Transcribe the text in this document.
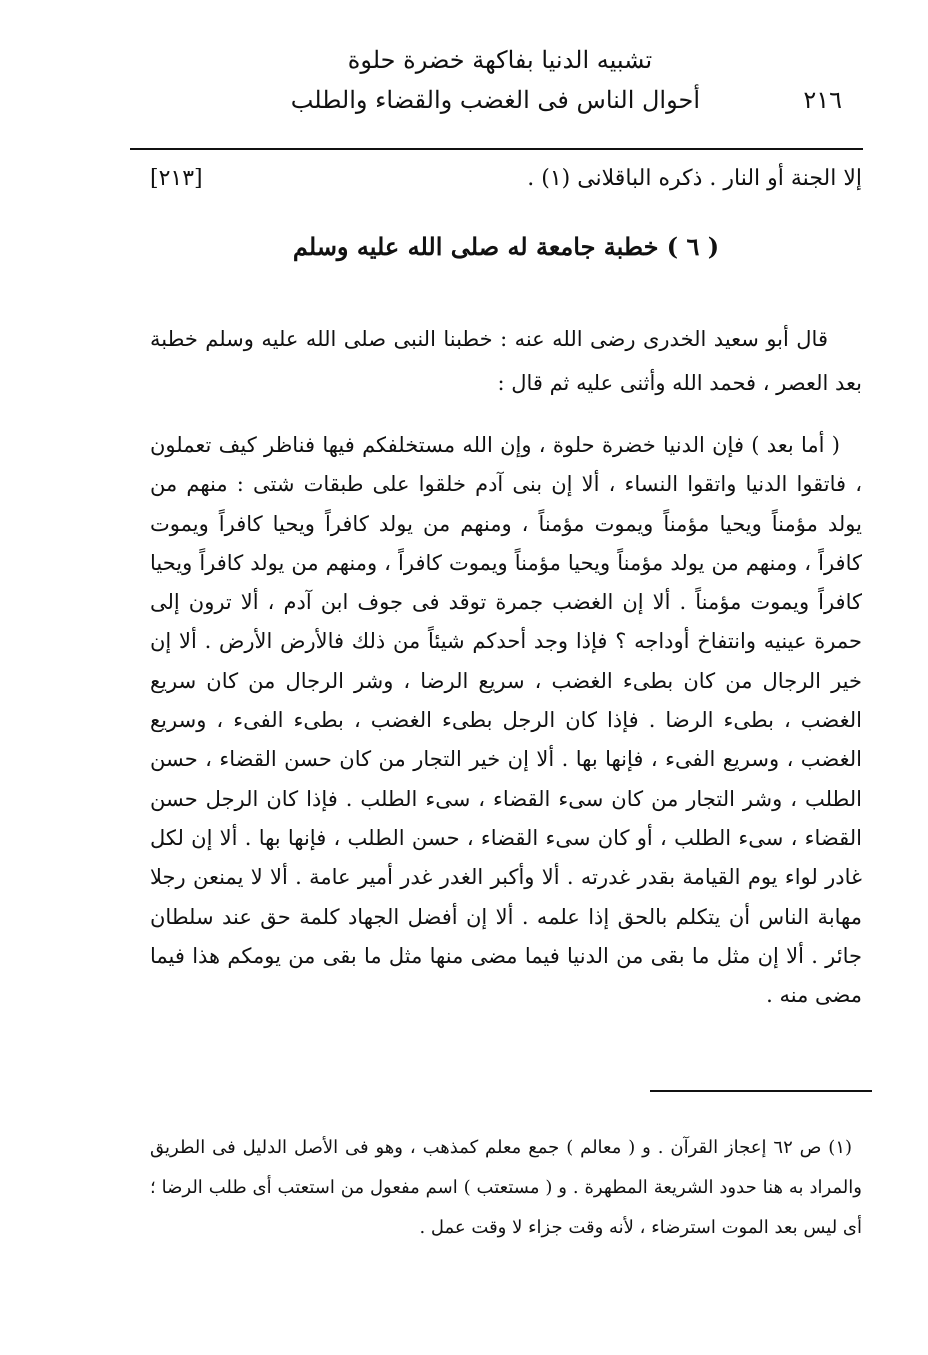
تشبيه الدنيا بفاكهة خضرة حلوة
٢١٦
أحوال الناس فى الغضب والقضاء والطلب
إلا الجنة أو النار . ذكره الباقلانى (١) .
[٢١٣]
( ٦ ) خطبة جامعة له صلى الله عليه وسلم

قال أبو سعيد الخدرى رضى الله عنه : خطبنا النبى صلى الله عليه وسلم خطبة بعد العصر ، فحمد الله وأثنى عليه ثم قال :

( أما بعد ) فإن الدنيا خضرة حلوة ، وإن الله مستخلفكم فيها فناظر كيف تعملون ، فاتقوا الدنيا واتقوا النساء ، ألا إن بنى آدم خلقوا على طبقات شتى : منهم من يولد مؤمناً ويحيا مؤمناً ويموت مؤمناً ، ومنهم من يولد كافراً ويحيا كافراً ويموت كافراً ، ومنهم من يولد مؤمناً ويحيا مؤمناً ويموت كافراً ، ومنهم من يولد كافراً ويحيا كافراً ويموت مؤمناً . ألا إن الغضب جمرة توقد فى جوف ابن آدم ، ألا ترون إلى حمرة عينيه وانتفاخ أوداجه ؟ فإذا وجد أحدكم شيئاً من ذلك فالأرض الأرض . ألا إن خير الرجال من كان بطىء الغضب ، سريع الرضا ، وشر الرجال من كان سريع الغضب ، بطىء الرضا . فإذا كان الرجل بطىء الغضب ، بطىء الفىء ، وسريع الغضب ، وسريع الفىء ، فإنها بها . ألا إن خير التجار من كان حسن القضاء ، حسن الطلب ، وشر التجار من كان سىء القضاء ، سىء الطلب . فإذا كان الرجل حسن القضاء ، سىء الطلب ، أو كان سىء القضاء ، حسن الطلب ، فإنها بها . ألا إن لكل غادر لواء يوم القيامة بقدر غدرته . ألا وأكبر الغدر غدر أمير عامة . ألا لا يمنعن رجلا مهابة الناس أن يتكلم بالحق إذا علمه . ألا إن أفضل الجهاد كلمة حق عند سلطان جائر . ألا إن مثل ما بقى من الدنيا فيما مضى منها مثل ما بقى من يومكم هذا فيما مضى منه .

(١) ص ٦٢ إعجاز القرآن . و ( معالم ) جمع معلم كمذهب ، وهو فى الأصل الدليل فى الطريق والمراد به هنا حدود الشريعة المطهرة . و ( مستعتب ) اسم مفعول من استعتب أى طلب الرضا ؛ أى ليس بعد الموت استرضاء ، لأنه وقت جزاء لا وقت عمل .
